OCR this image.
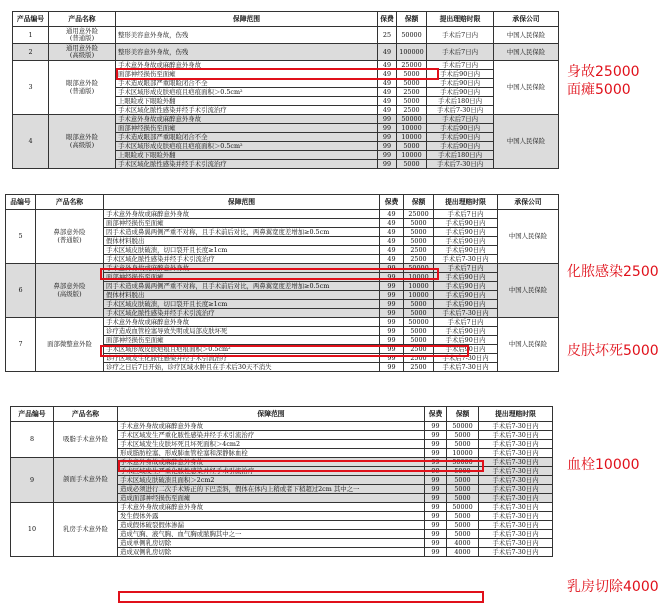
产品编号	产品名称	保障范围	保费	保额	提出理赔时限	承保公司
1	通用意外险
(普通版)	整形美容意外身故，伤残	25	50000	手术后7日内	中国人民保险
2	通用意外险
(高级版)	整形美容意外身故，伤残	49	100000	手术后7日内	中国人民保险
3	眼部意外险
(普通版)	手术意外身故或麻醉意外身故	49	25000	手术后7日内	中国人民保险
		面部神经损伤至面瘫	49	5000	手术后90日内	
		手术造成眼部严重眼睑闭合不全	49	5000	手术后90日内	
		手术区域形成皮肤疤痕且疤痕面积＞0.5cm²	49	2500	手术后90日内	
		上眼睑或下眼睑外翻	49	5000	手术后180日内	
		手术区域化脓性感染并经手术引流治疗	49	2500	手术后7-30日内	
4	眼部意外险
(高级版)	手术意外身故或麻醉意外身故	99	50000	手术后7日内	中国人民保险
		面部神经损伤至面瘫	99	10000	手术后90日内	
		手术造成眼部严重眼睑闭合不全	99	10000	手术后90日内	
		手术区域形成皮肤疤痕且疤痕面积＞0.5cm²	99	5000	手术后90日内	
		上眼睑或下眼睑外翻	99	10000	手术后180日内	
		手术区域化脓性感染并经手术引流治疗	99	5000	手术后7-30日内	
品编号	产品名称	保障范围	保费	保额	提出理赔时限	承保公司
5	鼻部意外险
(普通版)	手术意外身故或麻醉意外身故	49	25000	手术后7日内	中国人民保险
		面部神经损伤至面瘫	49	5000	手术后90日内	
		因手术造成鼻翼两侧严重不对称，且手术前后对比，两鼻翼宽度差增加≥0.5cm	49	5000	手术后90日内	
		假体材料脱出	49	5000	手术后90日内	
		手术区域皮肤破溃，切口裂开且长度≥1cm	49	2500	手术后90日内	
		手术区域化脓性感染并经手术引流治疗	49	2500	手术后7-30日内	
6	鼻部意外险
(高级版)	手术意外身故或麻醉意外身故	99	50000	手术后7日内	中国人民保险
		面部神经损伤至面瘫	99	10000	手术后90日内	
		因手术造成鼻翼两侧严重不对称，且手术前后对比，两鼻翼宽度差增加≥0.5cm	99	10000	手术后90日内	
		假体材料脱出	99	10000	手术后90日内	
		手术区域皮肤破溃，切口裂开且长度≥1cm	99	5000	手术后90日内	
		手术区域化脓性感染并经手术引流治疗	99	5000	手术后7-30日内	
7	面部微整意外险	手术意外身故或麻醉意外身故	99	50000	手术后7日内	中国人民保险
		诊疗造成血管栓塞导致失明或局部皮肤坏死	99	5000	手术后90日内	
		面部神经损伤至面瘫	99	5000	手术后90日内	
		手术区域形成皮肤疤痕且疤痕面积＞0.5cm²	99	2500	手术后90日内	
		诊疗区域发生化脓性感染并经手术引流治疗	99	2500	手术后7-30日内	
		诊疗之日后7日开始，诊疗区域水肿且在手术后30天不消失	99	2500	手术后7-30日内	
产品编号	产品名称	保障范围	保费	保额	提出理赔时限
8	吸脂手术意外险	手术意外身故或麻醉意外身故	99	50000	手术后7-30日内
		手术区域发生严重化脓性感染并经手术引流治疗	99	5000	手术后7-30日内
		手术区域发生皮肤坏死且坏死面积＞4cm2	99	5000	手术后7-30日内
		形成脂肪栓塞、形成肺血管栓塞和深静脉血栓	99	10000	手术后7-30日内
9	颌面手术意外险	手术意外身故或麻醉意外身故	99	50000	手术后7-30日内
		手术区域发生严重化脓性感染并经手术引流治疗	99	5000	手术后7-30日内
		手术区域皮肤破溃且面积＞2cm2	99	5000	手术后7-30日内
		造成必须进行二次手术矫正的下巴歪斜，假体在体内上稍或者下稍超过2cm 其中之一	99	5000	手术后7-30日内
		造成面部神经损伤至面瘫	99	5000	手术后7-30日内
10	乳房手术意外险	手术意外身故或麻醉意外身故	99	50000	手术后7-30日内
		发生假体外露	99	5000	手术后7-30日内
		造成假体破裂假体渗漏	99	5000	手术后7-30日内
		造成气胸、液气胸、血气胸或脓胸其中之一	99	5000	手术后7-30日内
		造成单侧乳房切除	99	4000	手术后7-30日内
		造成双侧乳房切除	99	4000	手术后7-30日内
身故25000
面瘫5000
化脓感染2500
皮肤坏死5000
血栓10000
乳房切除4000
